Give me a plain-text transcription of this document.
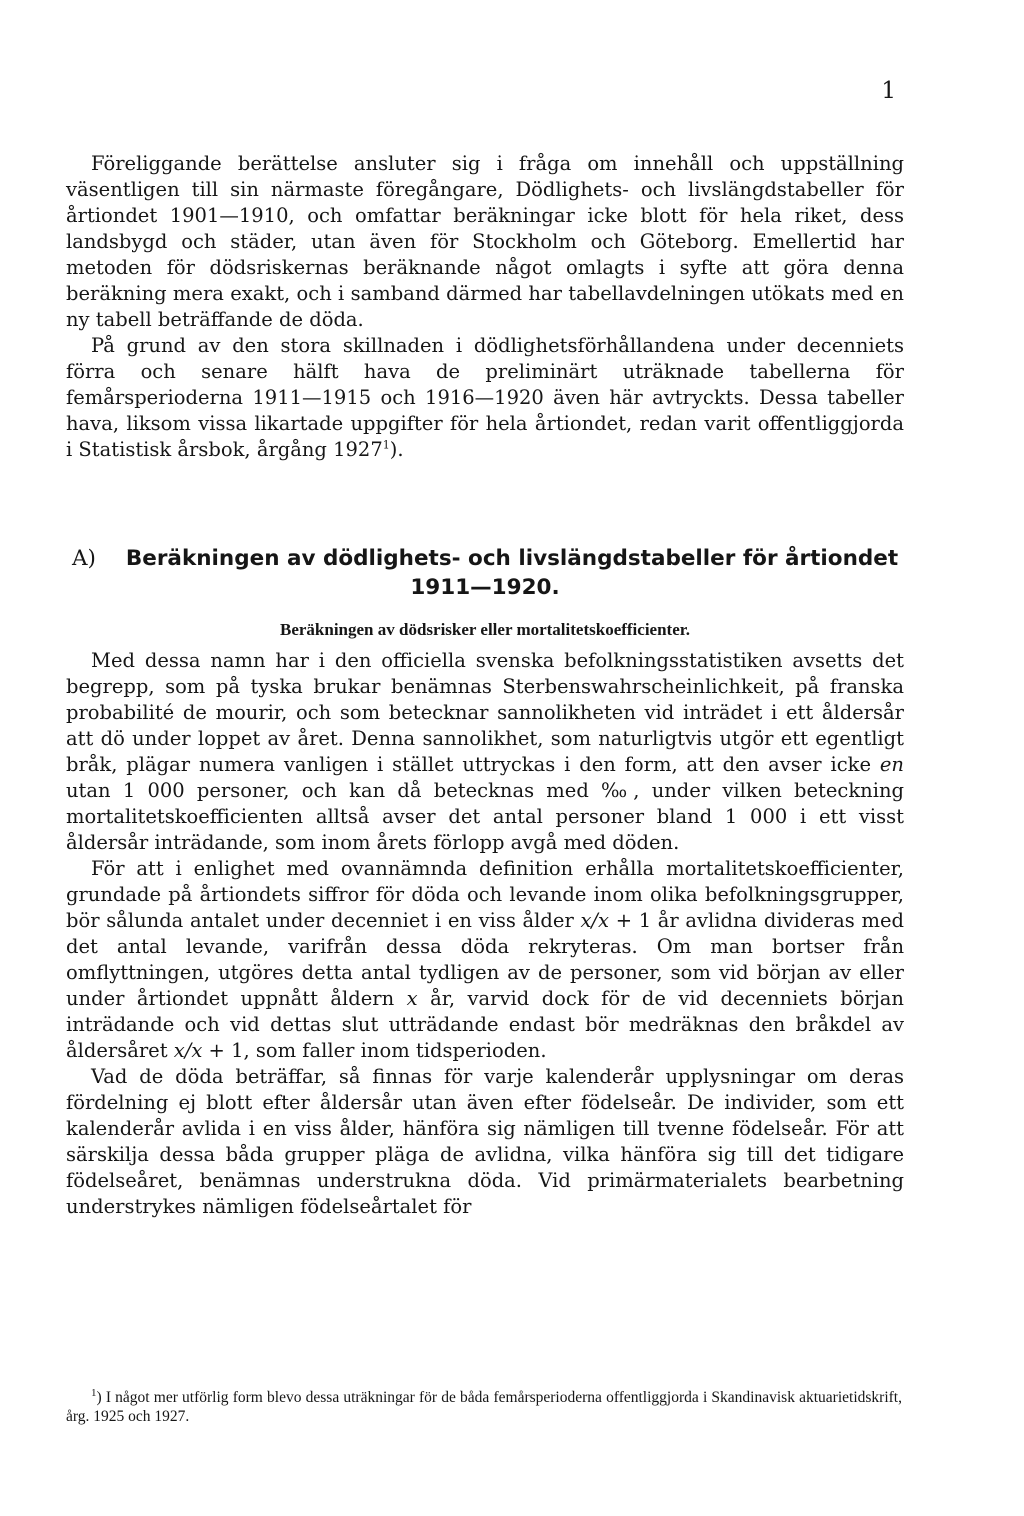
1

Föreliggande berättelse ansluter sig i fråga om innehåll och uppställning väsentligen till sin närmaste föregångare, Dödlighets- och livslängdstabeller för årtiondet 1901—1910, och omfattar beräkningar icke blott för hela riket, dess landsbygd och städer, utan även för Stockholm och Göteborg. Emellertid har metoden för dödsriskernas beräknande något omlagts i syfte att göra denna beräkning mera exakt, och i samband därmed har tabellavdelningen utökats med en ny tabell beträffande de döda.

På grund av den stora skillnaden i dödlighetsförhållandena under decenniets förra och senare hälft hava de preliminärt uträknade tabellerna för femårsperioderna 1911—1915 och 1916—1920 även här avtryckts. Dessa tabeller hava, liksom vissa likartade uppgifter för hela årtiondet, redan varit offentliggjorda i Statistisk årsbok, årgång 1927$^1$).

A)	Beräkningen av dödlighets- och livslängdstabeller för årtiondet
1911—1920.
Beräkningen av dödsrisker eller mortalitetskoefficienter.

Med dessa namn har i den officiella svenska befolkningsstatistiken avsetts det begrepp, som på tyska brukar benämnas Sterbenswahrscheinlichkeit, på franska probabilité de mourir, och som betecknar sannolikheten vid inträdet i ett åldersår att dö under loppet av året. Denna sannolikhet, som naturligtvis utgör ett egentligt bråk, plägar numera vanligen i stället uttryckas i den form, att den avser icke en utan 1 000 personer, och kan då betecknas med ‰, under vilken beteckning mortalitetskoefficienten alltså avser det antal personer bland 1 000 i ett visst åldersår inträdande, som inom årets förlopp avgå med döden.

För att i enlighet med ovannämnda definition erhålla mortalitetskoefficienter, grundade på årtiondets siffror för döda och levande inom olika befolkningsgrupper, bör sålunda antalet under decenniet i en viss ålder x/x + 1 år avlidna divideras med det antal levande, varifrån dessa döda rekryteras. Om man bortser från omflyttningen, utgöres detta antal tydligen av de personer, som vid början av eller under årtiondet uppnått åldern x år, varvid dock för de vid decenniets början inträdande och vid dettas slut utträdande endast bör medräknas den bråkdel av åldersåret x/x + 1, som faller inom tidsperioden.

Vad de döda beträffar, så finnas för varje kalenderår upplysningar om deras fördelning ej blott efter åldersår utan även efter födelseår. De individer, som ett kalenderår avlida i en viss ålder, hänföra sig nämligen till tvenne födelseår. För att särskilja dessa båda grupper pläga de avlidna, vilka hänföra sig till det tidigare födelseåret, benämnas understrukna döda. Vid primärmaterialets bearbetning understrykes nämligen födelseårtalet för

$^1$) I något mer utförlig form blevo dessa uträkningar för de båda femårsperioderna offentliggjorda i Skandinavisk aktuarietidskrift, årg. 1925 och 1927.
